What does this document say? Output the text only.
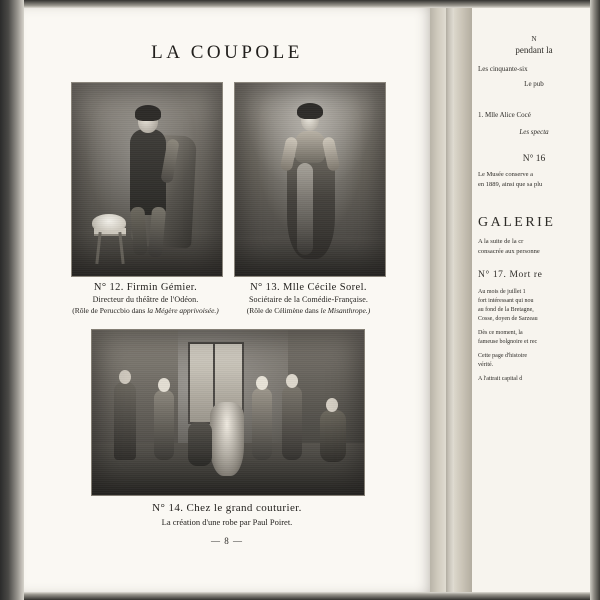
LA COUPOLE
N° 12. Firmin Gémier.
Directeur du théâtre de l'Odéon.
(Rôle de Peruccbio dans la Mégère apprivoisée.)
N° 13. Mlle Cécile Sorel.
Sociétaire de la Comédie-Française.
(Rôle de Célimène dans le Misanthrope.)
N° 14. Chez le grand couturier.
La création d'une robe par Paul Poiret.
— 8 —
N
pendant la
Les cinquante-six
Le pub
1. Mlle Alice Cocé
Les specta
N° 16
Le Musée conserve a
en 1889, ainsi que sa plu
GALERIE
A la suite de la cr
consacrée aux personne
N° 17. Mort re
Au mois de juillet 1
fort intéressant qui nou
au fond de la Bretagne,
Cosse, doyen de Sarzeau
Dès ce moment, la
fameuse bolgnoire et rec
Cette page d'histoire
vérité.
A l'attrait capital d
